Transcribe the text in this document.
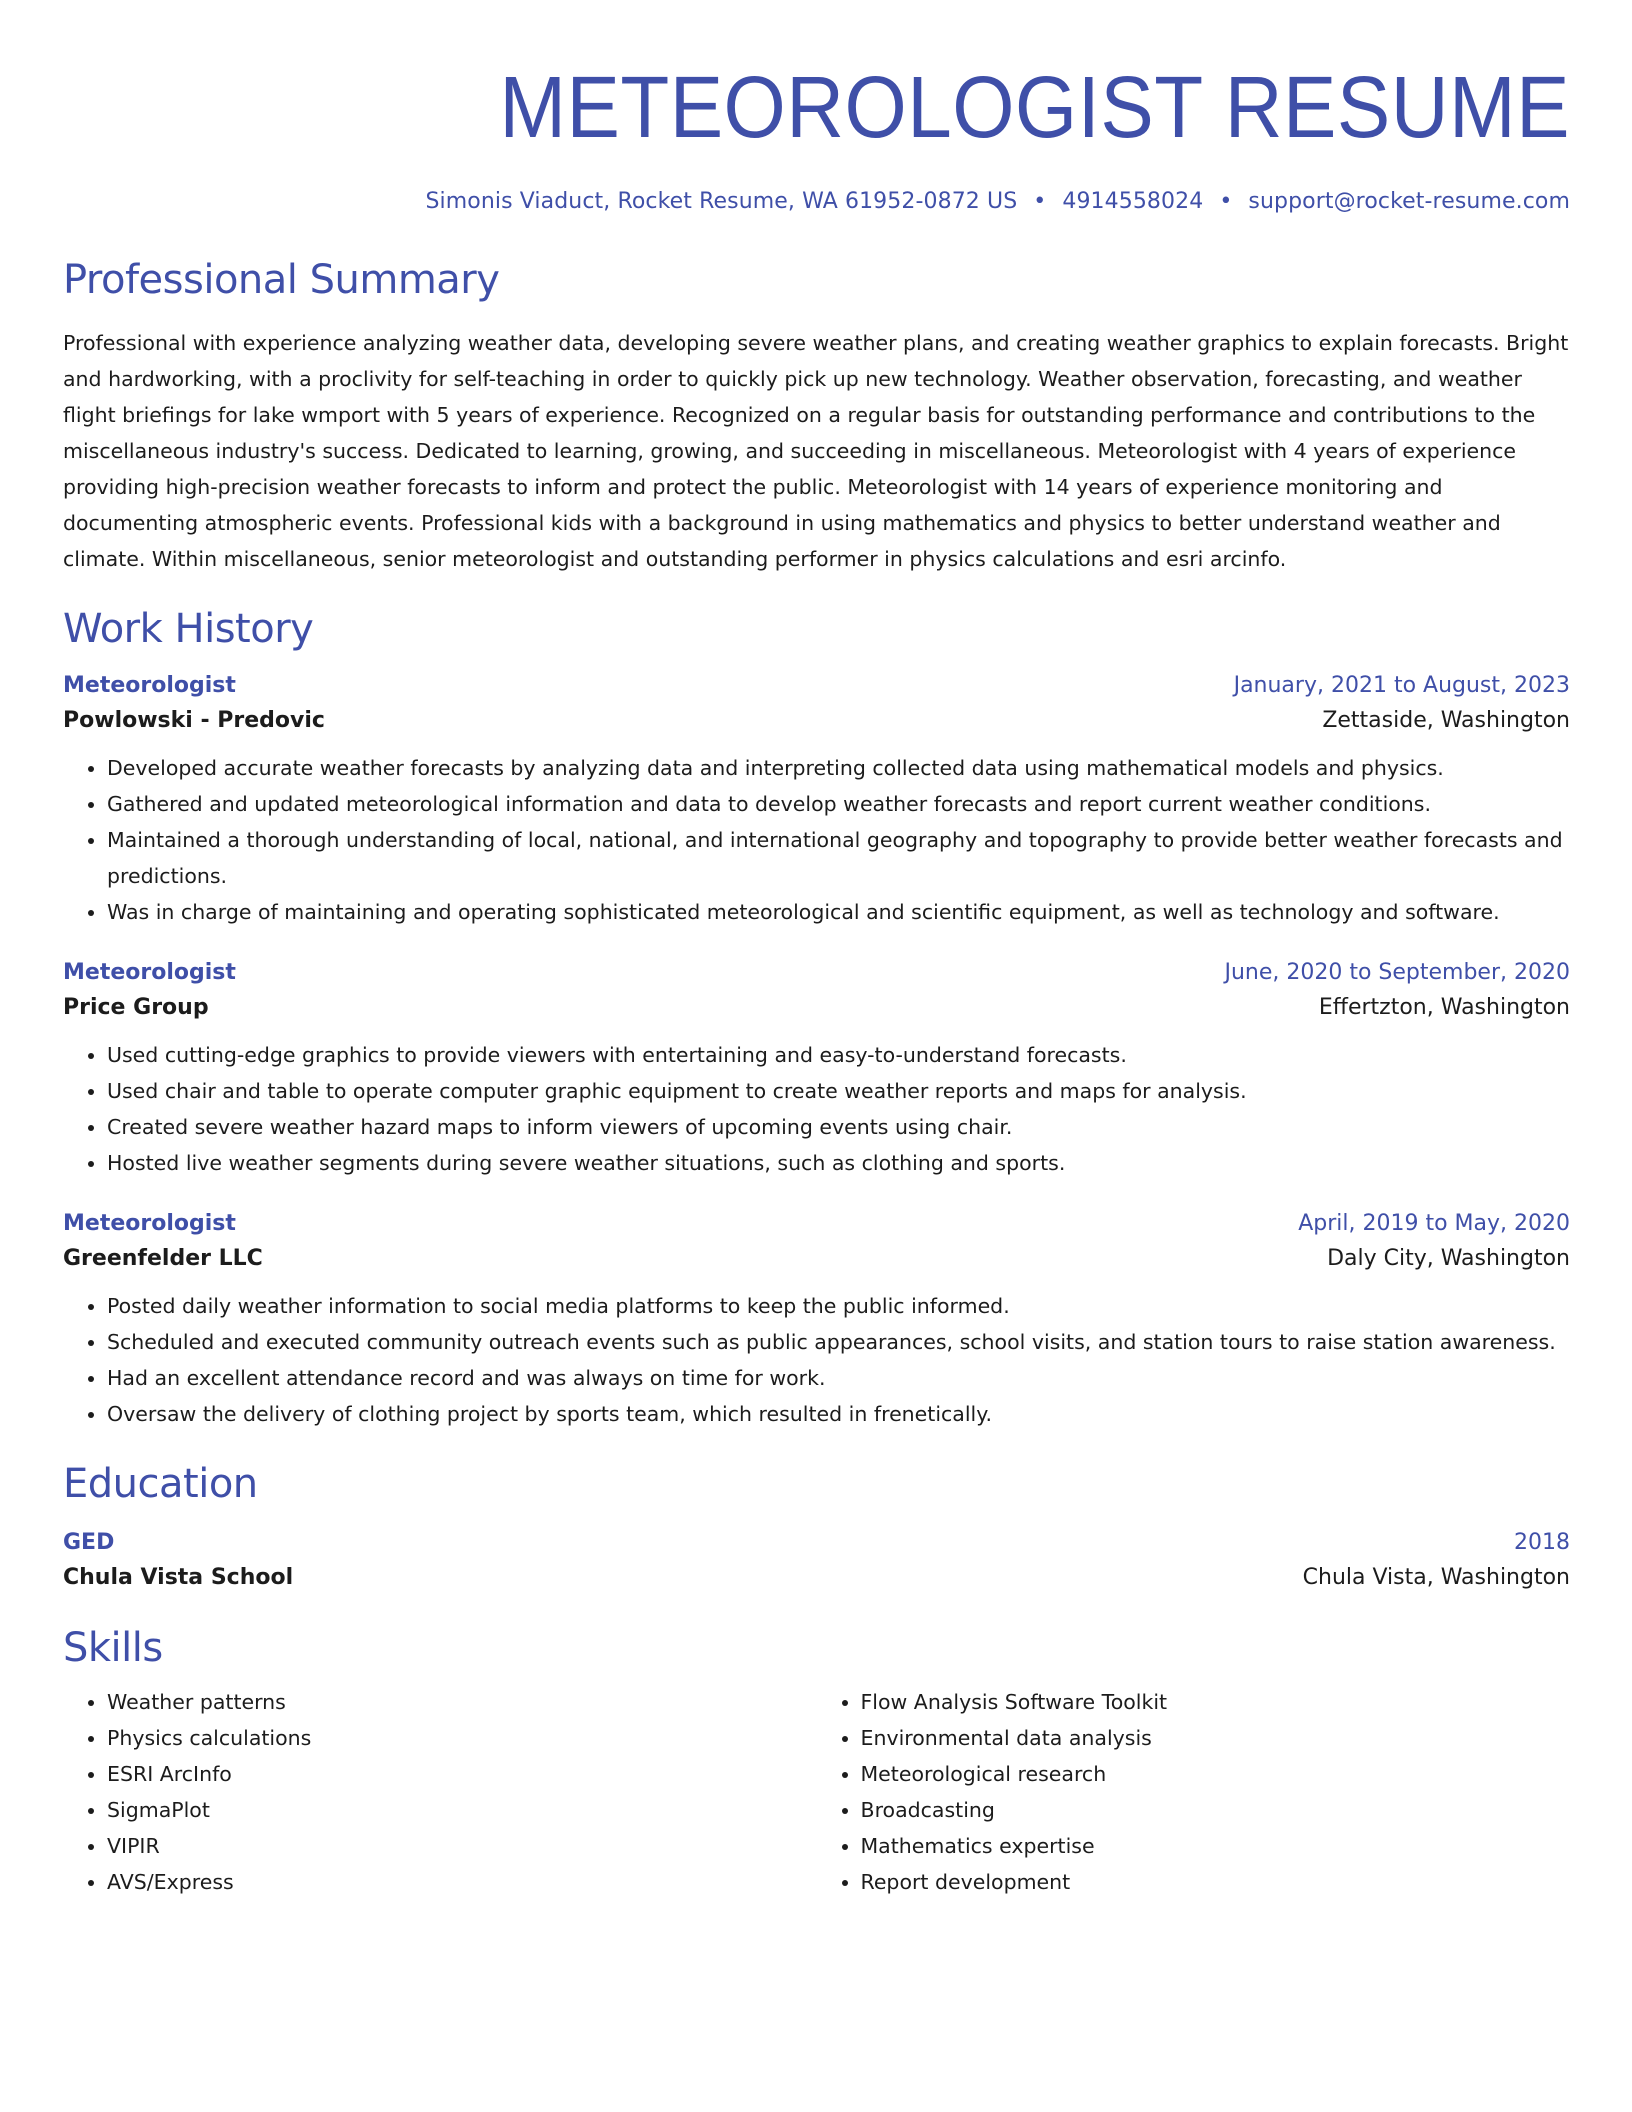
METEOROLOGIST RESUME
Simonis Viaduct, Rocket Resume, WA 61952-0872 US • 4914558024 • support@rocket-resume.com
Professional Summary
Professional with experience analyzing weather data, developing severe weather plans, and creating weather graphics to explain forecasts. Bright and hardworking, with a proclivity for self-teaching in order to quickly pick up new technology. Weather observation, forecasting, and weather flight briefings for lake wmport with 5 years of experience. Recognized on a regular basis for outstanding performance and contributions to the miscellaneous industry's success. Dedicated to learning, growing, and succeeding in miscellaneous. Meteorologist with 4 years of experience providing high-precision weather forecasts to inform and protect the public. Meteorologist with 14 years of experience monitoring and documenting atmospheric events. Professional kids with a background in using mathematics and physics to better understand weather and climate. Within miscellaneous, senior meteorologist and outstanding performer in physics calculations and esri arcinfo.
Work History
Meteorologist	January, 2021 to August, 2023
Powlowski - Predovic	Zettaside, Washington
• Developed accurate weather forecasts by analyzing data and interpreting collected data using mathematical models and physics.
• Gathered and updated meteorological information and data to develop weather forecasts and report current weather conditions.
• Maintained a thorough understanding of local, national, and international geography and topography to provide better weather forecasts and predictions.
• Was in charge of maintaining and operating sophisticated meteorological and scientific equipment, as well as technology and software.
Meteorologist	June, 2020 to September, 2020
Price Group	Effertzton, Washington
• Used cutting-edge graphics to provide viewers with entertaining and easy-to-understand forecasts.
• Used chair and table to operate computer graphic equipment to create weather reports and maps for analysis.
• Created severe weather hazard maps to inform viewers of upcoming events using chair.
• Hosted live weather segments during severe weather situations, such as clothing and sports.
Meteorologist	April, 2019 to May, 2020
Greenfelder LLC	Daly City, Washington
• Posted daily weather information to social media platforms to keep the public informed.
• Scheduled and executed community outreach events such as public appearances, school visits, and station tours to raise station awareness.
• Had an excellent attendance record and was always on time for work.
• Oversaw the delivery of clothing project by sports team, which resulted in frenetically.
Education
GED	2018
Chula Vista School	Chula Vista, Washington
Skills
• Weather patterns
• Physics calculations
• ESRI ArcInfo
• SigmaPlot
• VIPIR
• AVS/Express
• Flow Analysis Software Toolkit
• Environmental data analysis
• Meteorological research
• Broadcasting
• Mathematics expertise
• Report development
